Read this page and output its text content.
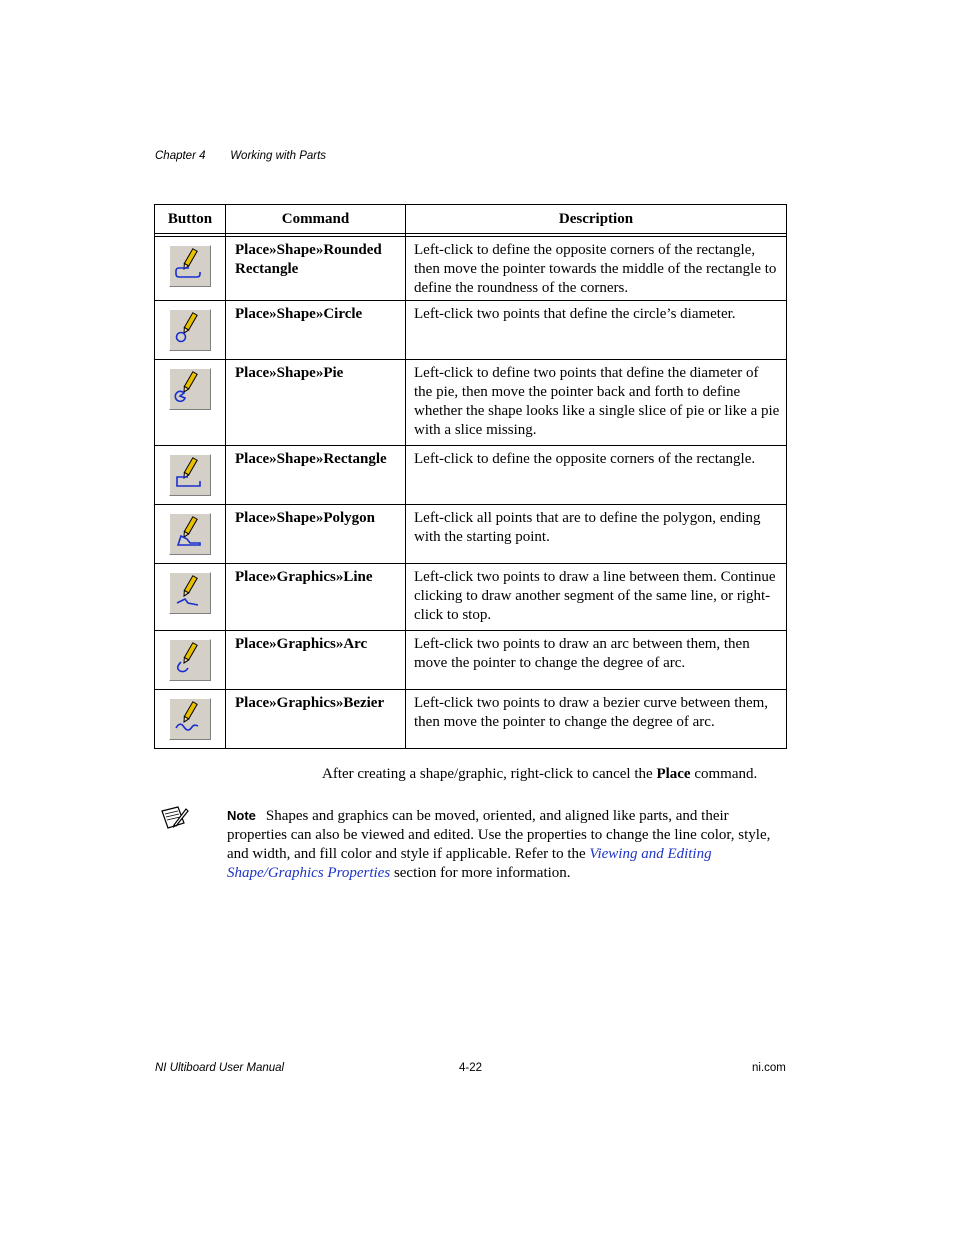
Chapter 4 Working with Parts
Button	Command	Description

	Place»Shape»Rounded Rectangle	Left-click to define the opposite corners of the rectangle, then move the pointer towards the middle of the rectangle to define the roundness of the corners.

	Place»Shape»Circle	Left-click two points that define the circle’s diameter.

	Place»Shape»Pie	Left-click to define two points that define the diameter of the pie, then move the pointer back and forth to define whether the shape looks like a single slice of pie or like a pie with a slice missing.

	Place»Shape»Rectangle	Left-click to define the opposite corners of the rectangle.

	Place»Shape»Polygon	Left-click all points that are to define the polygon, ending with the starting point.

	Place»Graphics»Line	Left-click two points to draw a line between them. Continue clicking to draw another segment of the same line, or right-click to stop.

	Place»Graphics»Arc	Left-click two points to draw an arc between them, then move the pointer to change the degree of arc.

	Place»Graphics»Bezier	Left-click two points to draw a bezier curve between them, then move the pointer to change the degree of arc.
After creating a shape/graphic, right-click to cancel the Place command.
Note Shapes and graphics can be moved, oriented, and aligned like parts, and their properties can also be viewed and edited. Use the properties to change the line color, style, and width, and fill color and style if applicable. Refer to the Viewing and Editing Shape/Graphics Properties section for more information.
NI Ultiboard User Manual	4-22	ni.com
